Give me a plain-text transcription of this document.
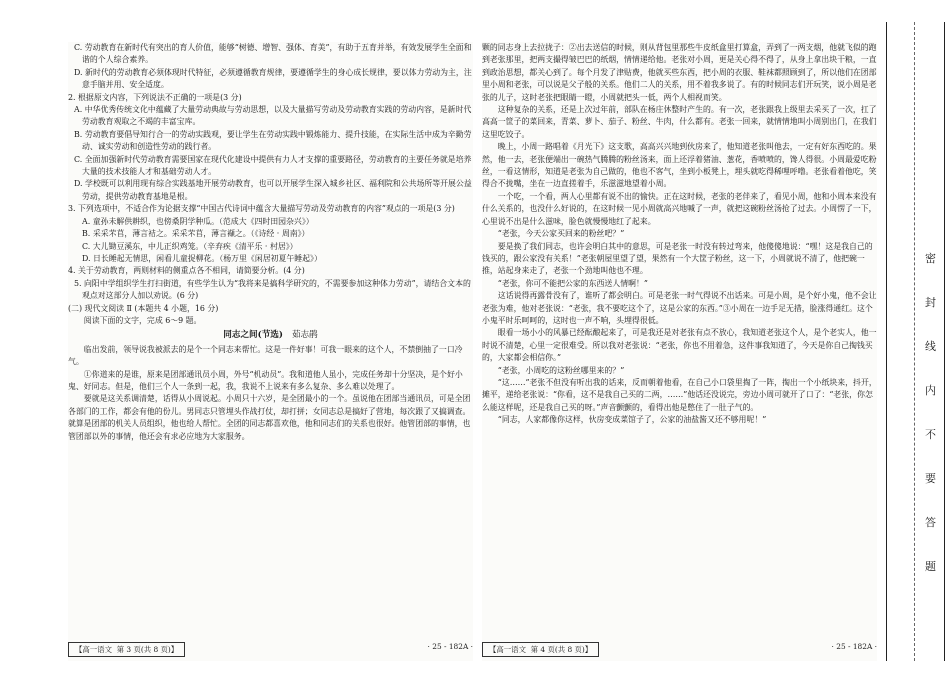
C. 劳动教育在新时代有突出的育人价值，能够“树德、增智、强体、育美”，有助于五育并举，有效发展学生全面和谐的个人综合素养。

D. 新时代的劳动教育必须体现时代特征，必须遵循教育规律，要遵循学生的身心成长规律，要以体力劳动为主，注意手脑并用、安全适度。

2. 根据原文内容，下列说法不正确的一项是(3 分)

A. 中华优秀传统文化中蕴藏了大量劳动典故与劳动思想，以及大量描写劳动及劳动教育实践的劳动内容，是新时代劳动教育观取之不竭的丰富宝库。

B. 劳动教育要倡导知行合一的劳动实践观，要让学生在劳动实践中锻炼能力、提升技能，在实际生活中成为辛勤劳动、诚实劳动和创造性劳动的践行者。

C. 全面加强新时代劳动教育需要国家在现代化建设中提供有力人才支撑的重要路径，劳动教育的主要任务就是培养大量的技术技能人才和基础劳动人才。

D. 学校既可以利用现有综合实践基地开展劳动教育，也可以开展学生深入城乡社区、福利院和公共场所等开展公益劳动，提供劳动教育基地是根。

3. 下列选项中，不适合作为论据支撑“中国古代诗词中蕴含大量描写劳动及劳动教育的内容”观点的一项是(3 分)

A. 童孙未解供耕织，也傍桑阴学种瓜。（范成大《四时田园杂兴》）

B. 采采芣苢，薄言袺之。采采芣苢，薄言襭之。（《诗经 · 周南》）

C. 大儿锄豆溪东，中儿正织鸡笼。（辛弃疾《清平乐 · 村居》）

D. 日长睡起无情思，闲看儿童捉柳花。（杨万里《闲居初夏午睡起》）

4. 关于劳动教育，两则材料的侧重点各不相同，请简要分析。(4 分)

5. 向阳中学组织学生打扫街道，有些学生认为“我将来是搞科学研究的，不需要参加这种体力劳动”，请结合文本的观点对这部分人加以劝说。(6 分)

(二) 现代文阅读 Ⅱ (本题共 4 小题，16 分)

阅读下面的文字，完成 6～9 题。

同志之间(节选) 茹志鹃

临出发前，领导说我被派去的是个一个同志来帮忙。这是一件好事！可我一眼来的这个人，不禁倒抽了一口冷气。

①你道来的是谁，原来是团部通讯员小周，外号“机动员”。我和道他人虽小，完成任务却十分坚决，是个好小鬼、好同志。但是，他们三个人一条到一起，我，我说不上说来有多么复杂、多么难以处理了。

要就是这关系调清楚，话得从小周说起。小周只十六岁，是全团最小的一个。虽说他在团部当通讯员，可是全团各部门的工作，都会有他的份儿。男同志只管埋头作战打仗，却打拼；女同志总是搞好了营地，每次跟了又搞调查。就算是团部的机关人员组织，他也给人帮忙。全团的同志都喜欢他，他和同志们的关系也很好。他管团部的事情，也管团部以外的事情，他还会有求必应地为大家服务。

【高一语文 第 3 页(共 8 页)】	· 25 - 182A ·

颗的同志身上去拉拢子：②出去送信的时候，则从背包里那些牛皮纸盒里打算盒，弄到了一两支烟，他就飞似的跑到老张那里，把两支撮得皱巴巴的纸烟，情情递给他。老张对小周，更是关心得不得了，从身上拿出块干粮，一直到政治思想，都关心到了。每个月发了津贴费，他就买些东西，把小周的衣服、鞋袜都照顾到了，所以他们在团部里小周和老张，可以说是父子般的关系。他们二人的关系，用不着我多说了。有的时候同志们开玩笑，说小周是老张的儿子，这时老张把眼睛一瞪，小周就把头一低，两个人相视而笑。

这种复杂的关系，还是上次过年前，部队在杨庄休整时产生的。有一次，老张跟我上级里去采买了一次，扛了高高一筐子的菜回来，青菜、萝卜、茄子、粉丝、牛肉，什么都有。老张一回来，就情情地叫小周别出门，在我们这里吃饺子。

晚上，小周一路唱着《月光下》这支歌，高高兴兴地到伙房来了，他知道老张叫他去，一定有好东西吃的。果然，他一去，老张便端出一碗热气腾腾的粉丝汤来，面上还浮着猪油、葱花，香喷喷的，馋人得很。小周最爱吃粉丝，一看这情形，知道是老张为自己做的，他也不客气，坐到小板凳上，埋头就吃得稀哩呼噜。老张看着他吃，笑得合不拢嘴，坐在一边直搓着手，乐滋滋地望着小周。

一个吃，一个看，两人心里都有说不出的愉快。正在这时候，老张的老伴来了，看见小周，他和小周本来没有什么关系的，也没什么好说的，在这时候一见小周就高兴地喊了一声，就把这碗粉丝汤抢了过去。小周愣了一下，心里说不出是什么滋味，脸色就慢慢地红了起来。

“老张，今天公家买回来的粉丝吧？”

要是换了我们同志，也许会明白其中的意思，可是老张一时没有转过弯来，他傻傻地说：“嘿！这是我自己的钱买的，跟公家没有关系！”老张朝屋里望了望，果然有一个大筐子粉丝，这一下，小周就说不清了，他把碗一推，站起身来走了，老张一个劲地叫他也不理。

“老张，你可不能把公家的东西送人情啊！”

这话说得再露骨没有了，谁听了都会明白。可是老张一时气得说不出话来。可是小周，是个好小鬼，他不会让老张为难，他对老张说：“老张，我不要吃这个了，这是公家的东西。”③小周在一边手足无措，脸涨得通红。这个小鬼平时乐呵呵的，这时也一声不响，头埋得很低。

眼看一场小小的风暴已经酝酿起来了，可是我还是对老张有点不放心，我知道老张这个人，是个老实人，他一时说不清楚，心里一定很难受。所以我对老张说：“老张，你也不用着急，这件事我知道了，今天是你自己掏钱买的，大家都会相信你。”

“老张，小周吃的这粉丝哪里来的？”

“这……”老张不但没有听出我的话来，反而朝着他看，在自己小口袋里掏了一阵，掏出一个小纸块来，抖开，摊平，递给老张说：“你看，这不是我自己买的二两，……”他话还没说完，旁边小周可就开了口了：“老张，你怎么能这样呢，还是我自己买的呀。”声音颤颤的，看得出他是憋住了一肚子气的。

“同志，人家都像你这样，伙房变成菜馆子了，公家的油盐酱又还不够用呢！”

【高一语文 第 4 页(共 8 页)】	· 25 - 182A ·
密
封
线
内
不
要
答
题
